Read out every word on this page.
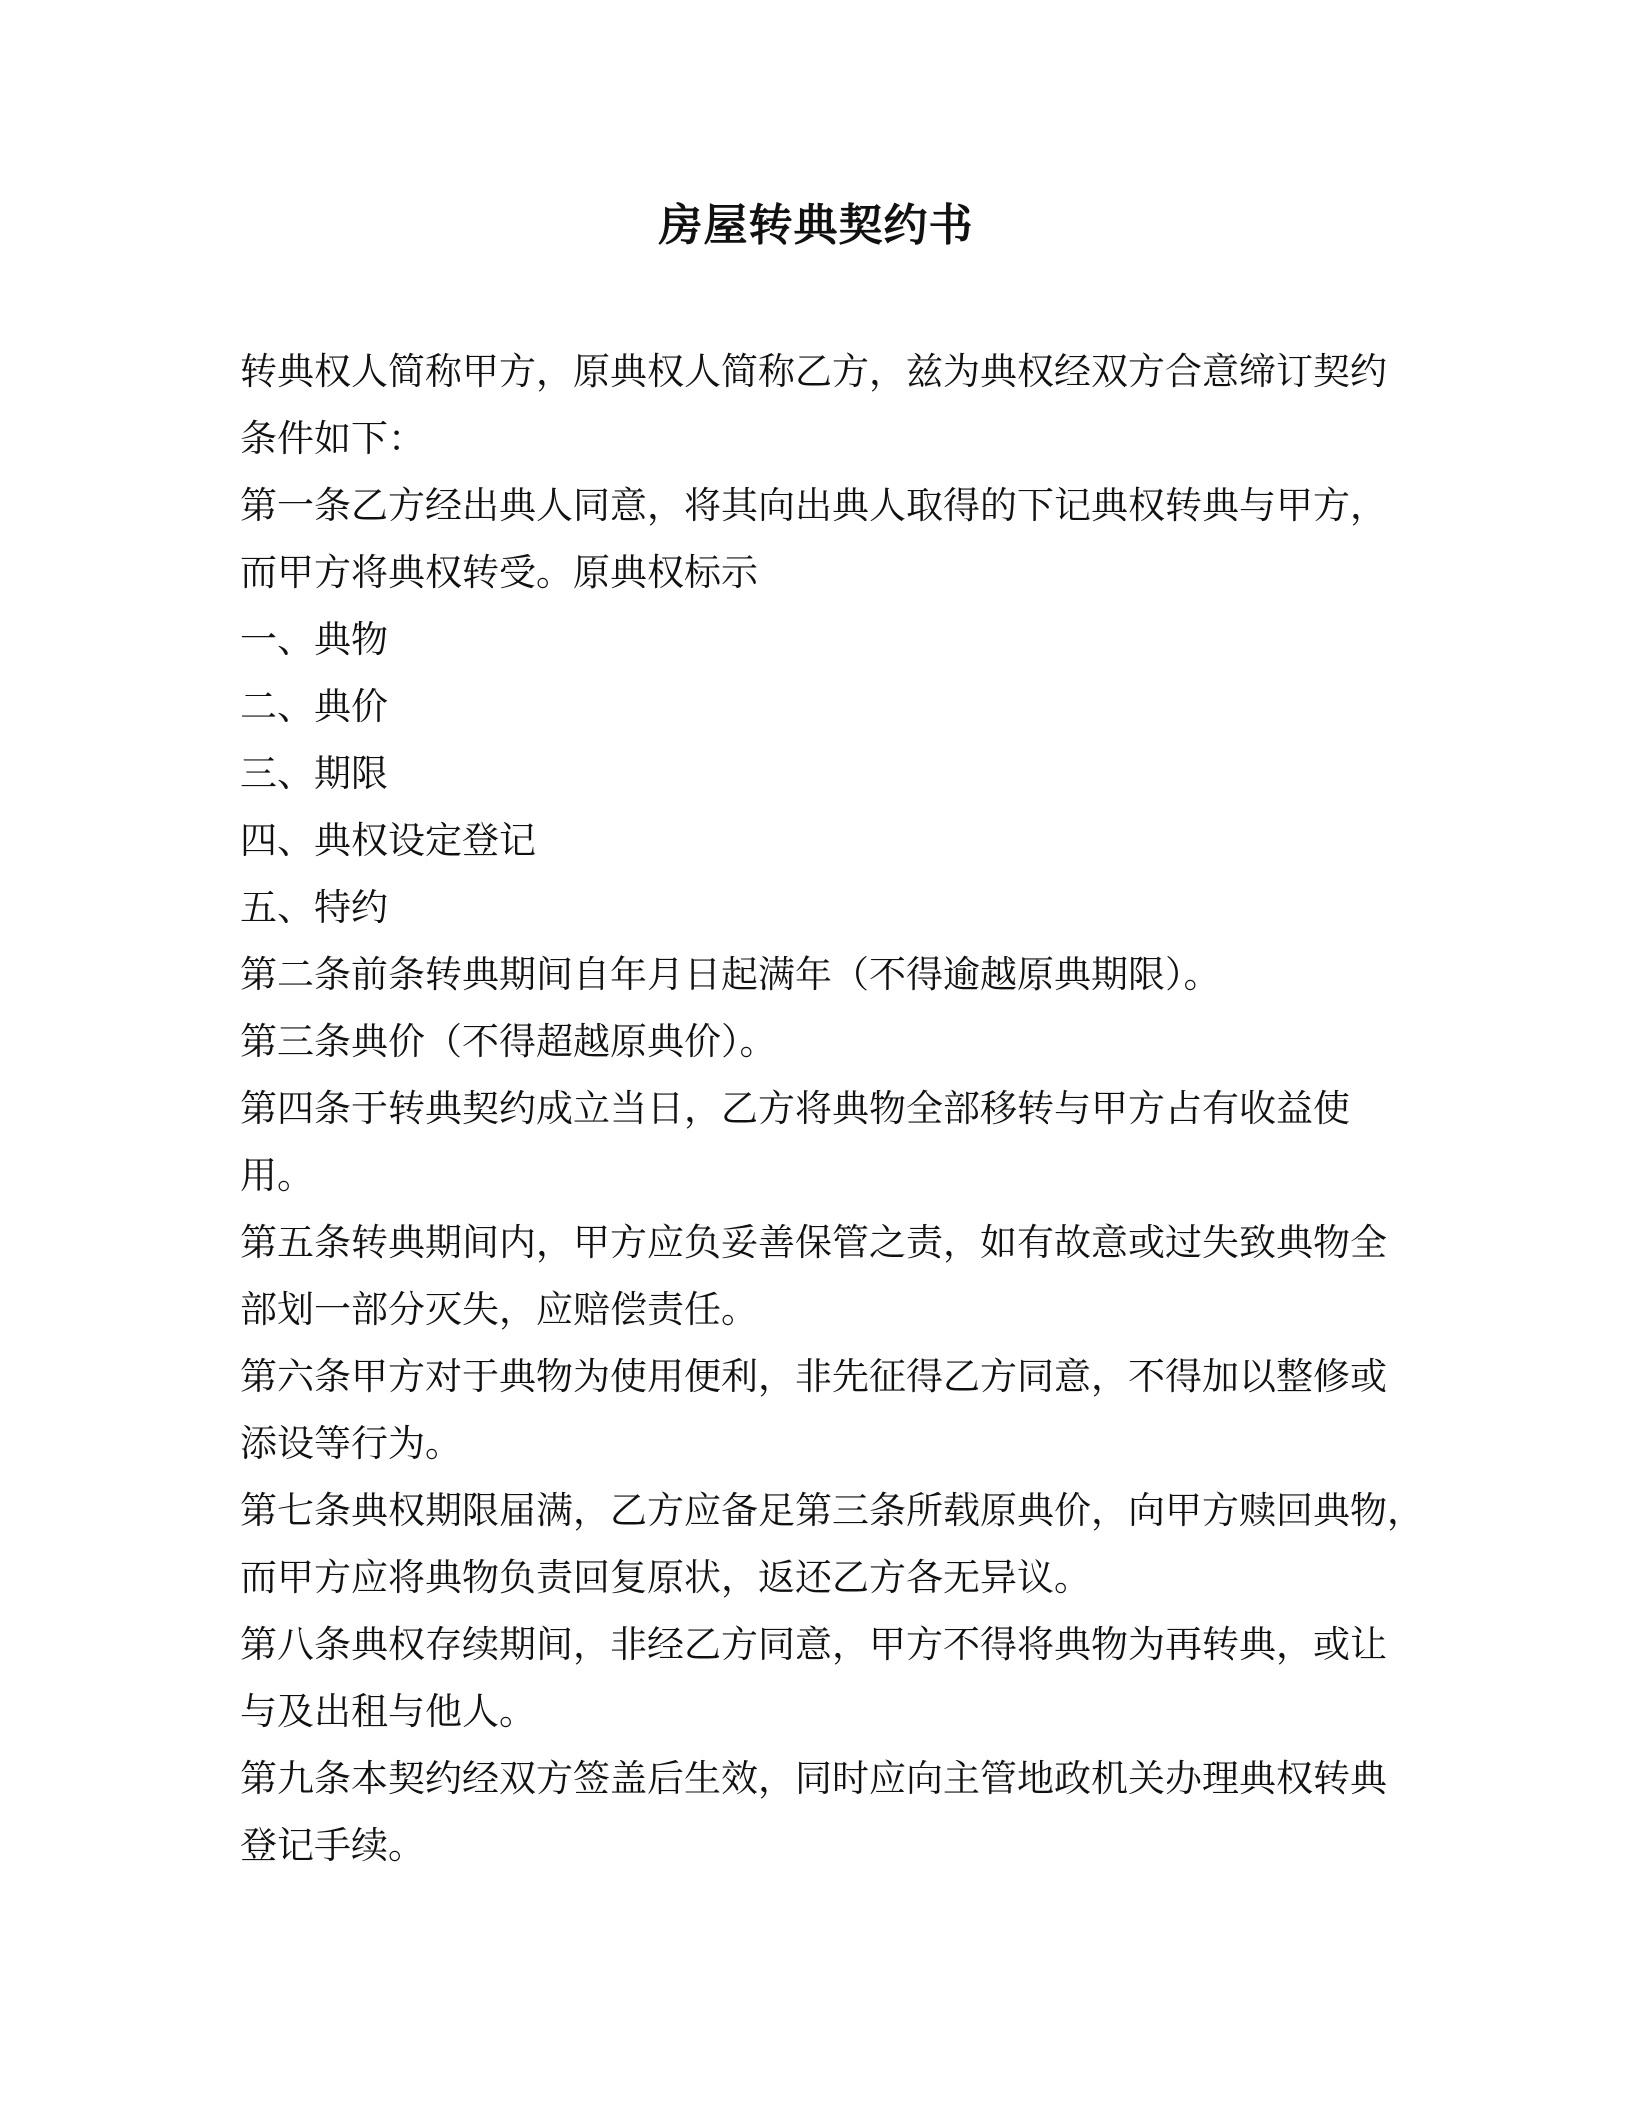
房屋转典契约书

转典权人简称甲方，原典权人简称乙方，兹为典权经双方合意缔订契约

条件如下：

第一条乙方经出典人同意，将其向出典人取得的下记典权转典与甲方，

而甲方将典权转受。原典权标示

一、典物

二、典价

三、期限

四、典权设定登记

五、特约

第二条前条转典期间自年月日起满年（不得逾越原典期限）。

第三条典价（不得超越原典价）。

第四条于转典契约成立当日，乙方将典物全部移转与甲方占有收益使

用。

第五条转典期间内，甲方应负妥善保管之责，如有故意或过失致典物全

部划一部分灭失，应赔偿责任。

第六条甲方对于典物为使用便利，非先征得乙方同意，不得加以整修或

添设等行为。

第七条典权期限届满，乙方应备足第三条所载原典价，向甲方赎回典物，

而甲方应将典物负责回复原状，返还乙方各无异议。

第八条典权存续期间，非经乙方同意，甲方不得将典物为再转典，或让

与及出租与他人。

第九条本契约经双方签盖后生效，同时应向主管地政机关办理典权转典

登记手续。
